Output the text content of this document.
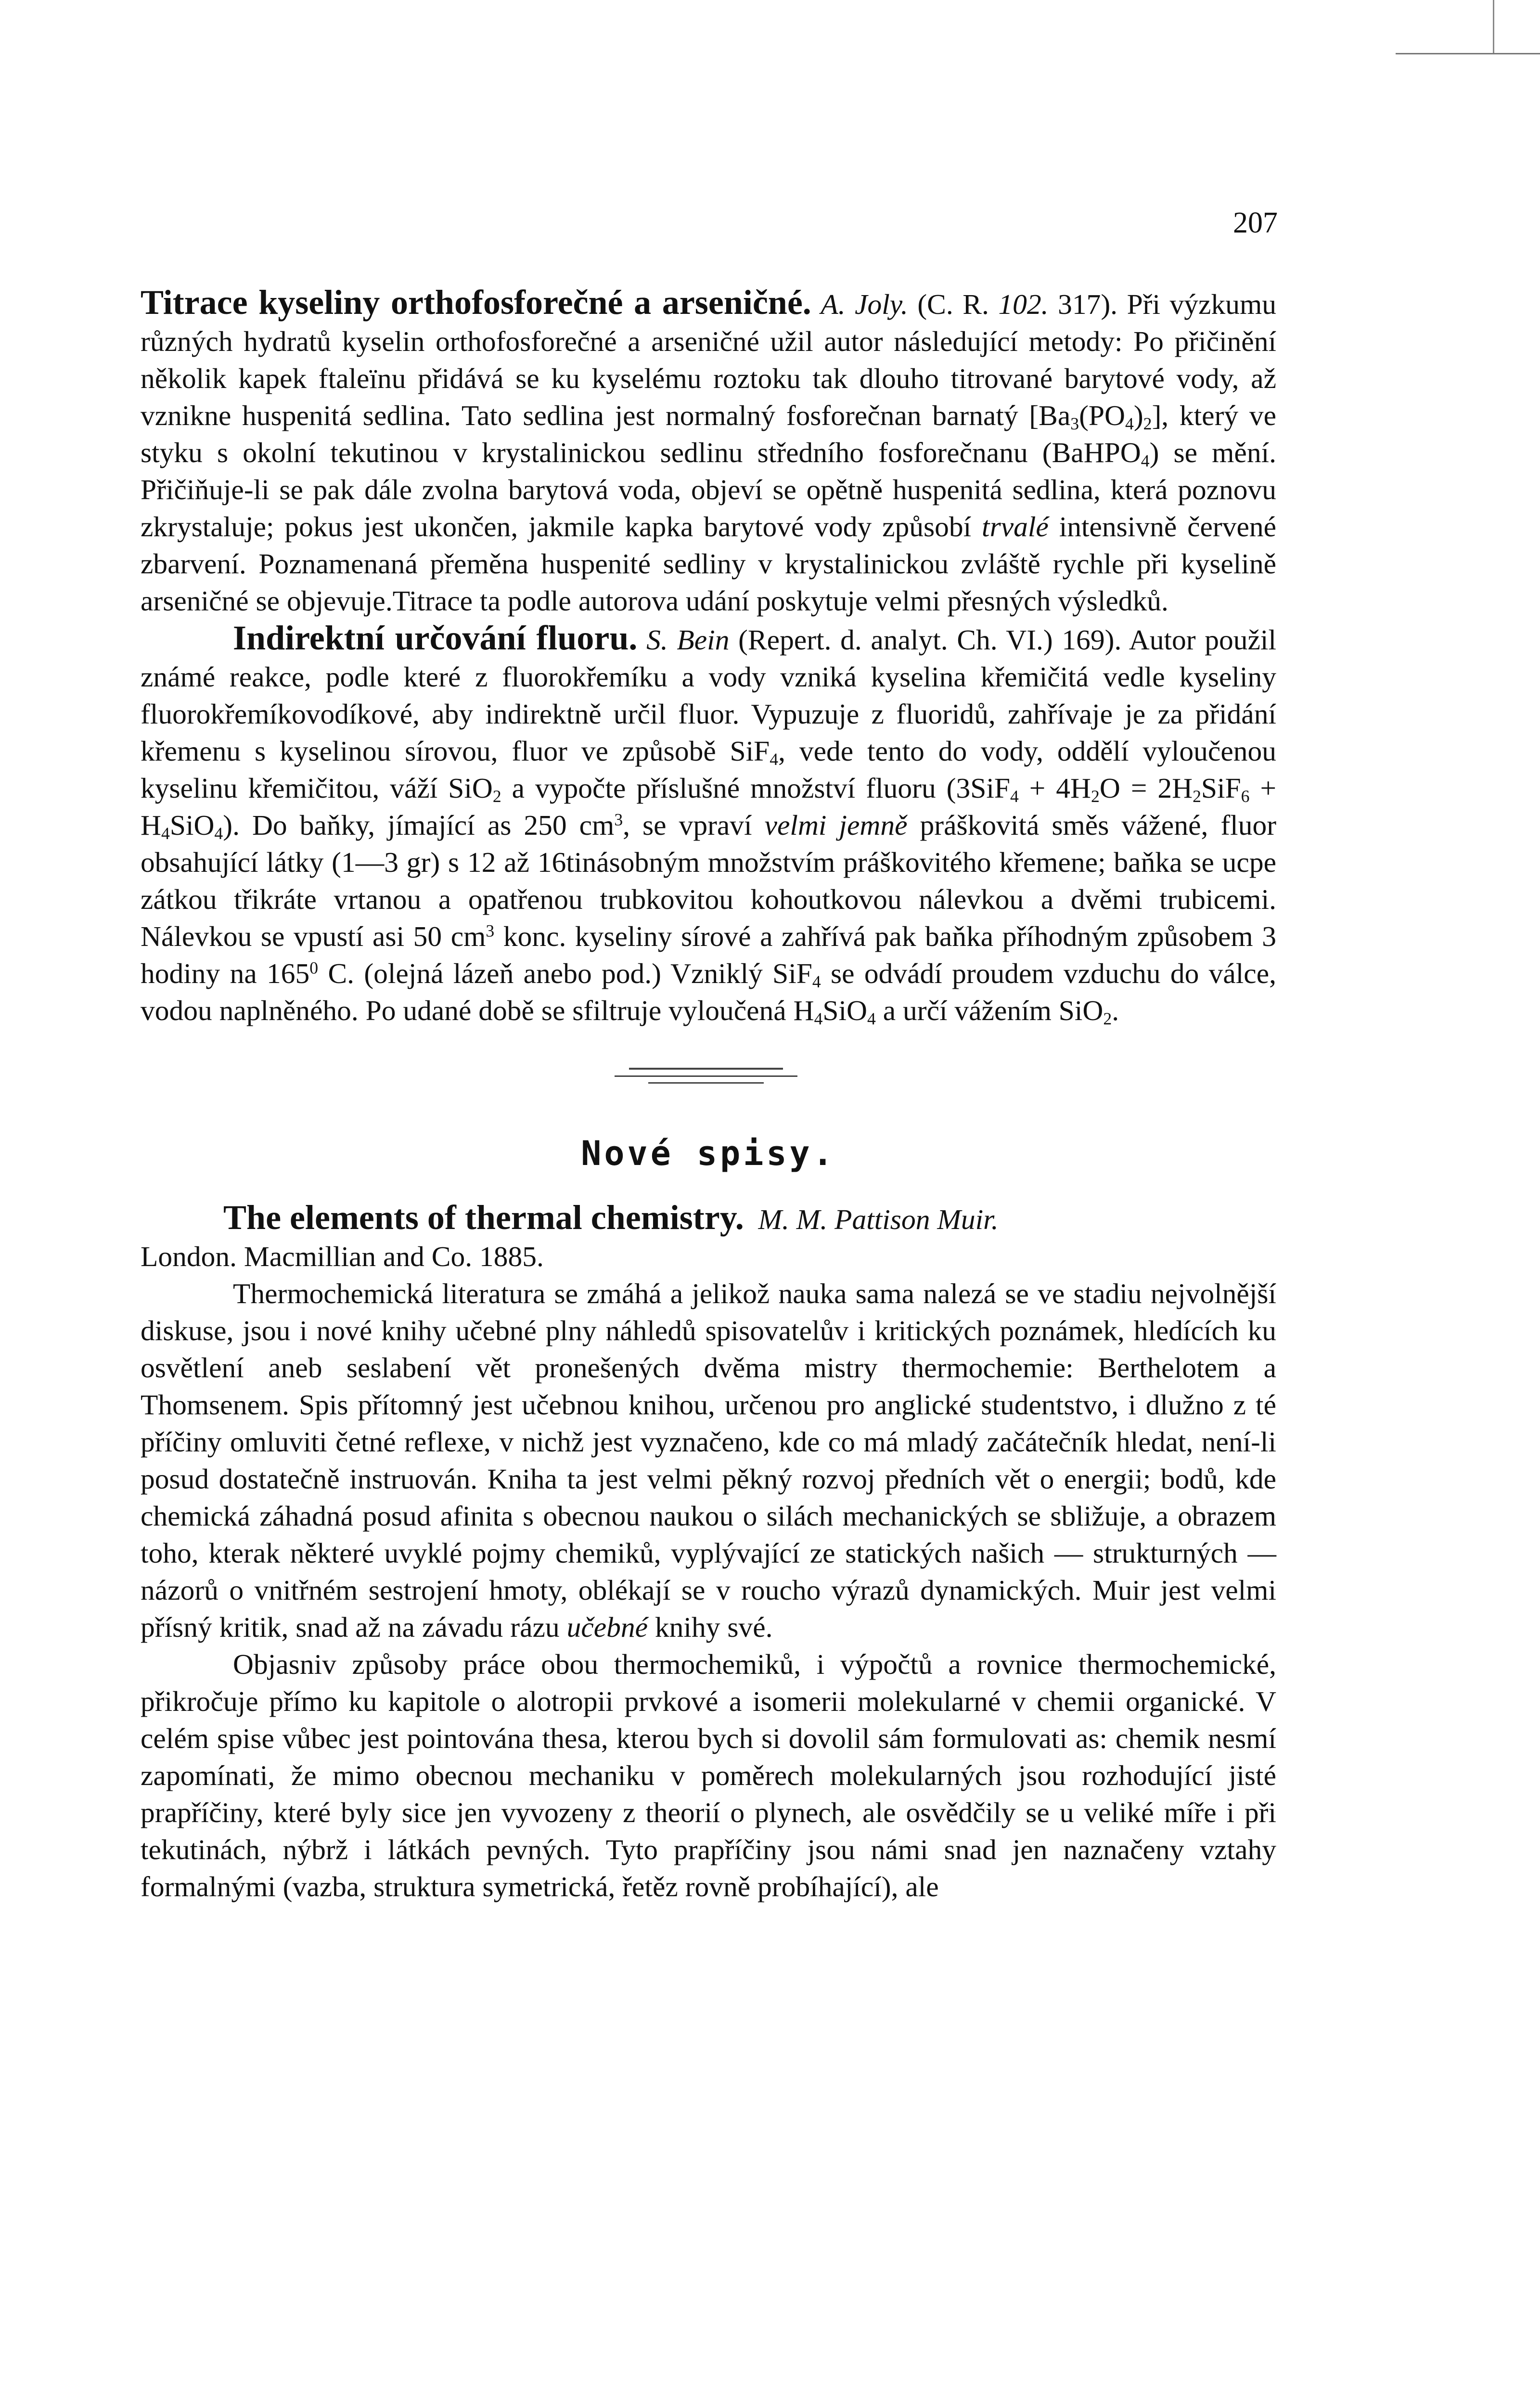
207

Titrace kyseliny orthofosforečné a arseničné. A. Joly. (C. R. 102. 317). Při výzkumu různých hydratů kyselin orthofosforečné a arseničné užil autor následující metody: Po přičinění několik kapek ftaleïnu přidává se ku kyselému roztoku tak dlouho titrované barytové vody, až vznikne huspenitá sedlina. Tato sedlina jest normalný fosforečnan barnatý $[Ba_3(PO_4)_2]$, který ve styku s okolní tekutinou v krystalinickou sedlinu středního fosforečnanu (BaHPO$_4$) se mění. Přičiňuje-li se pak dále zvolna barytová voda, objeví se opětně huspenitá sedlina, která poznovu zkrystaluje; pokus jest ukončen, jakmile kapka barytové vody způsobí trvalé intensivně červené zbarvení. Poznamenaná přeměna huspenité sedliny v krystalinickou zvláště rychle při kyselině arseničné se objevuje.Titrace ta podle autorova udání poskytuje velmi přesných výsledků.

Indirektní určování fluoru. S. Bein (Repert. d. analyt. Ch. VI.) 169). Autor použil známé reakce, podle které z fluorokřemíku a vody vzniká kyselina křemičitá vedle kyseliny fluorokřemíkovodíkové, aby indirektně určil fluor. Vypuzuje z fluoridů, zahřívaje je za přidání křemenu s kyselinou sírovou, fluor ve způsobě SiF$_4$, vede tento do vody, oddělí vyloučenou kyselinu křemičitou, váží SiO$_2$ a vypočte příslušné množství fluoru $(3SiF_4 + 4H_2O = 2H_2SiF_6 + H_4SiO_4)$. Do baňky, jímající as 250 $cm^3$, se vpraví velmi jemně práškovitá směs vážené, fluor obsahující látky (1—3 gr) s 12 až 16tinásobným množstvím práškovitého křemene; baňka se ucpe zátkou třikráte vrtanou a opatřenou trubkovitou kohoutkovou nálevkou a dvěmi trubicemi. Nálevkou se vpustí asi 50 $cm^3$ konc. kyseliny sírové a zahřívá pak baňka příhodným způsobem 3 hodiny na $165^0$ C. (olejná lázeň anebo pod.) Vzniklý SiF$_4$ se odvádí proudem vzduchu do válce, vodou naplněného. Po udané době se sfiltruje vyloučená $H_4SiO_4$ a určí vážením SiO$_2$.

Nové spisy.

The elements of thermal chemistry. M. M. Pattison Muir.

London. Macmillian and Co. 1885.

Thermochemická literatura se zmáhá a jelikož nauka sama nalezá se ve stadiu nejvolnější diskuse, jsou i nové knihy učebné plny náhledů spisovatelův i kritických poznámek, hledících ku osvětlení aneb seslabení vět pronešených dvěma mistry thermochemie: Berthelotem a Thomsenem. Spis přítomný jest učebnou knihou, určenou pro anglické studentstvo, i dlužno z té příčiny omluviti četné reflexe, v nichž jest vyznačeno, kde co má mladý začátečník hledat, není-li posud dostatečně instruován. Kniha ta jest velmi pěkný rozvoj předních vět o energii; bodů, kde chemická záhadná posud afinita s obecnou naukou o silách mechanických se sbližuje, a obrazem toho, kterak některé uvyklé pojmy chemiků, vyplývající ze statických našich — strukturných — názorů o vnitřném sestrojení hmoty, oblékají se v roucho výrazů dynamických. Muir jest velmi přísný kritik, snad až na závadu rázu učebné knihy své.

Objasniv způsoby práce obou thermochemiků, i výpočtů a rovnice thermochemické, přikročuje přímo ku kapitole o alotropii prvkové a isomerii molekularné v chemii organické. V celém spise vůbec jest pointována thesa, kterou bych si dovolil sám formulovati as: chemik nesmí zapomínati, že mimo obecnou mechaniku v poměrech molekularných jsou rozhodující jisté prapříčiny, které byly sice jen vyvozeny z theorií o plynech, ale osvědčily se u veliké míře i při tekutinách, nýbrž i látkách pevných. Tyto prapříčiny jsou námi snad jen naznačeny vztahy formalnými (vazba, struktura symetrická, řetěz rovně probíhající), ale
